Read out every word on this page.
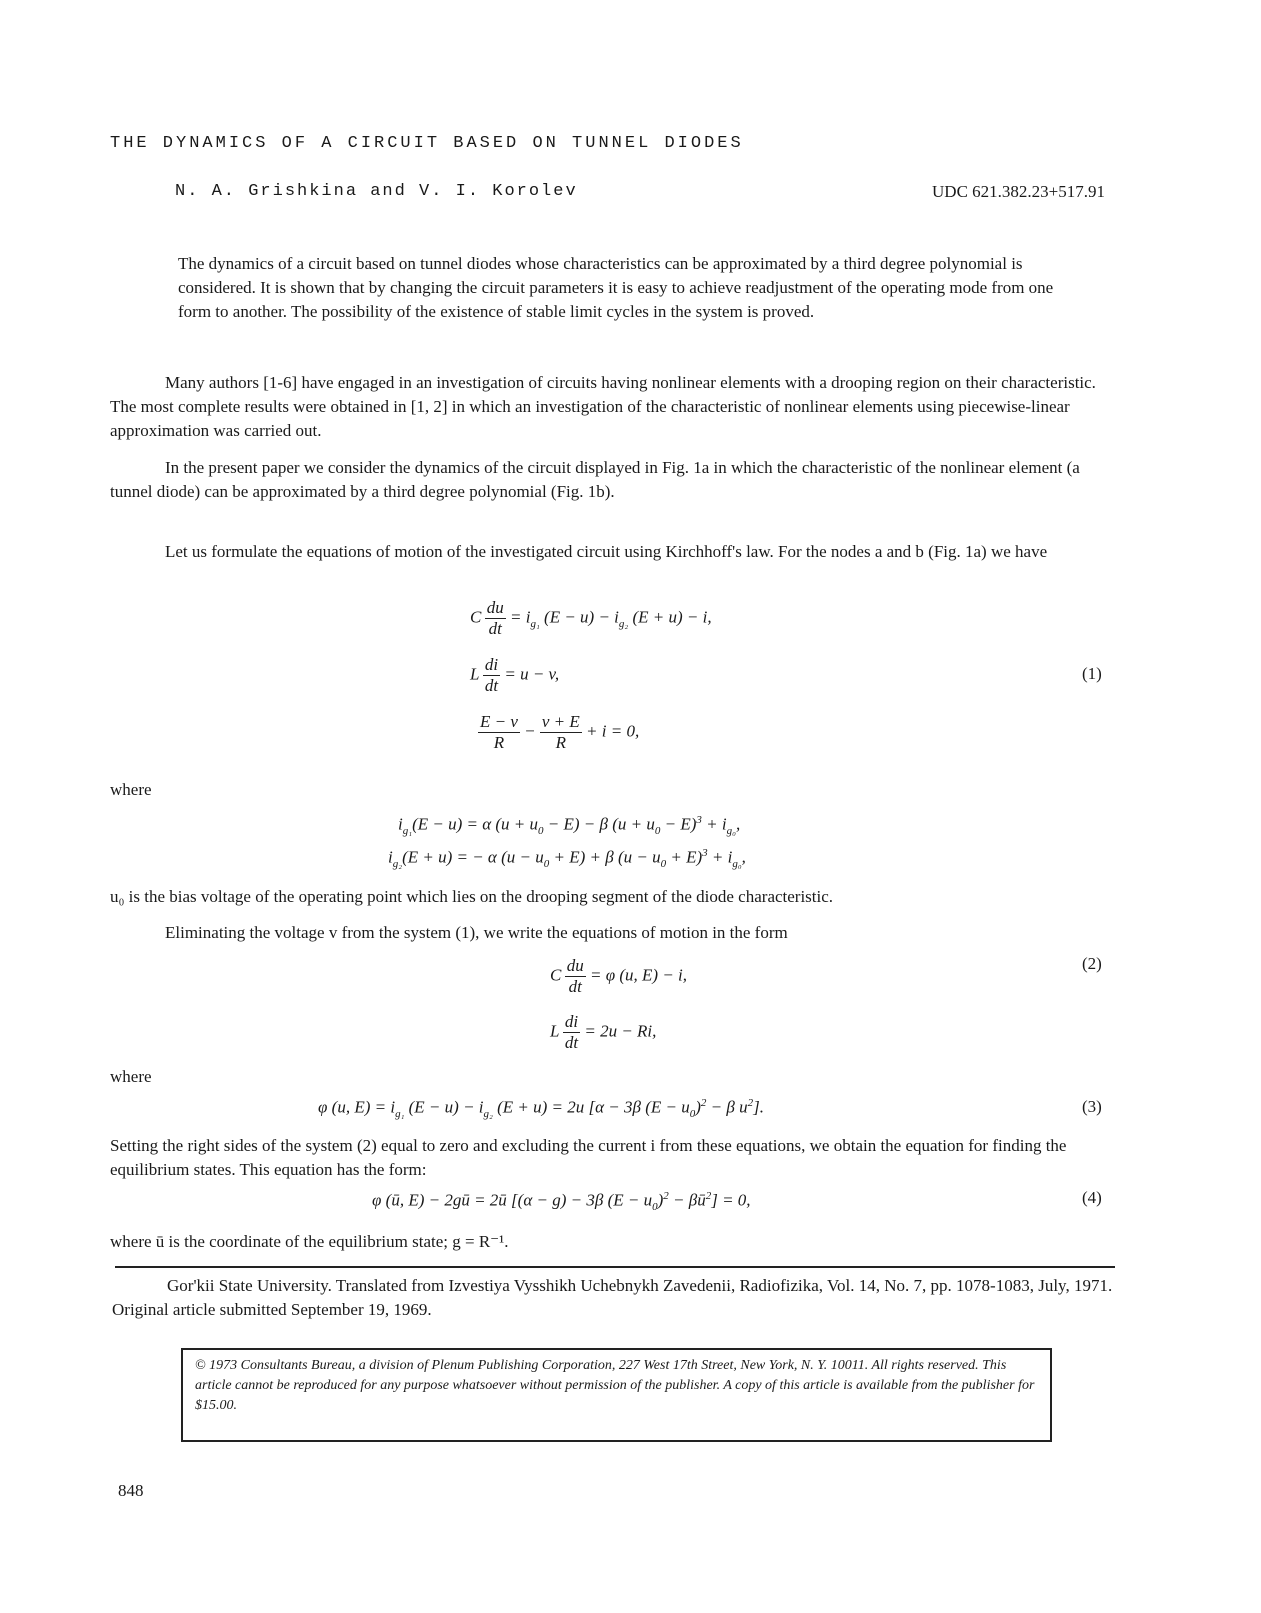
THE DYNAMICS OF A CIRCUIT BASED ON TUNNEL DIODES
N. A. Grishkina and V. I. Korolev	UDC 621.382.23+517.91
The dynamics of a circuit based on tunnel diodes whose characteristics can be approximated by a third degree polynomial is considered. It is shown that by changing the circuit parameters it is easy to achieve readjustment of the operating mode from one form to another. The possibility of the existence of stable limit cycles in the system is proved.
Many authors [1-6] have engaged in an investigation of circuits having nonlinear elements with a drooping region on their characteristic. The most complete results were obtained in [1, 2] in which an investigation of the characteristic of nonlinear elements using piecewise-linear approximation was carried out.
In the present paper we consider the dynamics of the circuit displayed in Fig. 1a in which the characteristic of the nonlinear element (a tunnel diode) can be approximated by a third degree polynomial (Fig. 1b).
Let us formulate the equations of motion of the investigated circuit using Kirchhoff's law. For the nodes a and b (Fig. 1a) we have
C  $\frac{du}{dt} = i_{g_1}$ $(E - u) - i_{g_2}$ (E + u) − i,
L  $\frac{di}{dt} = u - v$,
$\frac{E - v}{R} - \frac{v + E}{R} + i = 0$,
(1)
where
$i_{g_1}(E - u) = \alpha$ $(u + u_0 - E) - \beta$ $(u + u_0 - E)^3 + i_{g_0}$,
$i_{g_2}(E + u)$ = − α $(u - u_0 + E) + \beta$ $(u - u_0 + E)^3 + i_{g_0}$,
u₀ is the bias voltage of the operating point which lies on the drooping segment of the diode characteristic.
Eliminating the voltage v from the system (1), we write the equations of motion in the form
C  $\frac{du}{dt} = \varphi$ (u, E) − i,
L  $\frac{di}{dt} = 2u - Ri$,
(2)
where
φ (u, $E) = i_{g_1}$ $(E - u) - i_{g_2}$ (E + u) = 2u [α − 3β $(E - u_0)^2 - \beta$ $u^2$].	(3)
Setting the right sides of the system (2) equal to zero and excluding the current i from these equations, we obtain the equation for finding the equilibrium states. This equation has the form:
φ (ū, E) − 2gū = 2ū [(α − g) − 3β $(E - u_0)^2$ − $\beta ū^2] = 0$,	(4)
where ū is the coordinate of the equilibrium state; g = R⁻¹.
Gor'kii State University. Translated from Izvestiya Vysshikh Uchebnykh Zavedenii, Radiofizika, Vol. 14, No. 7, pp. 1078-1083, July, 1971. Original article submitted September 19, 1969.
© 1973 Consultants Bureau, a division of Plenum Publishing Corporation, 227 West 17th Street, New York, N. Y. 10011. All rights reserved. This article cannot be reproduced for any purpose whatsoever without permission of the publisher. A copy of this article is available from the publisher for $15.00.
848
